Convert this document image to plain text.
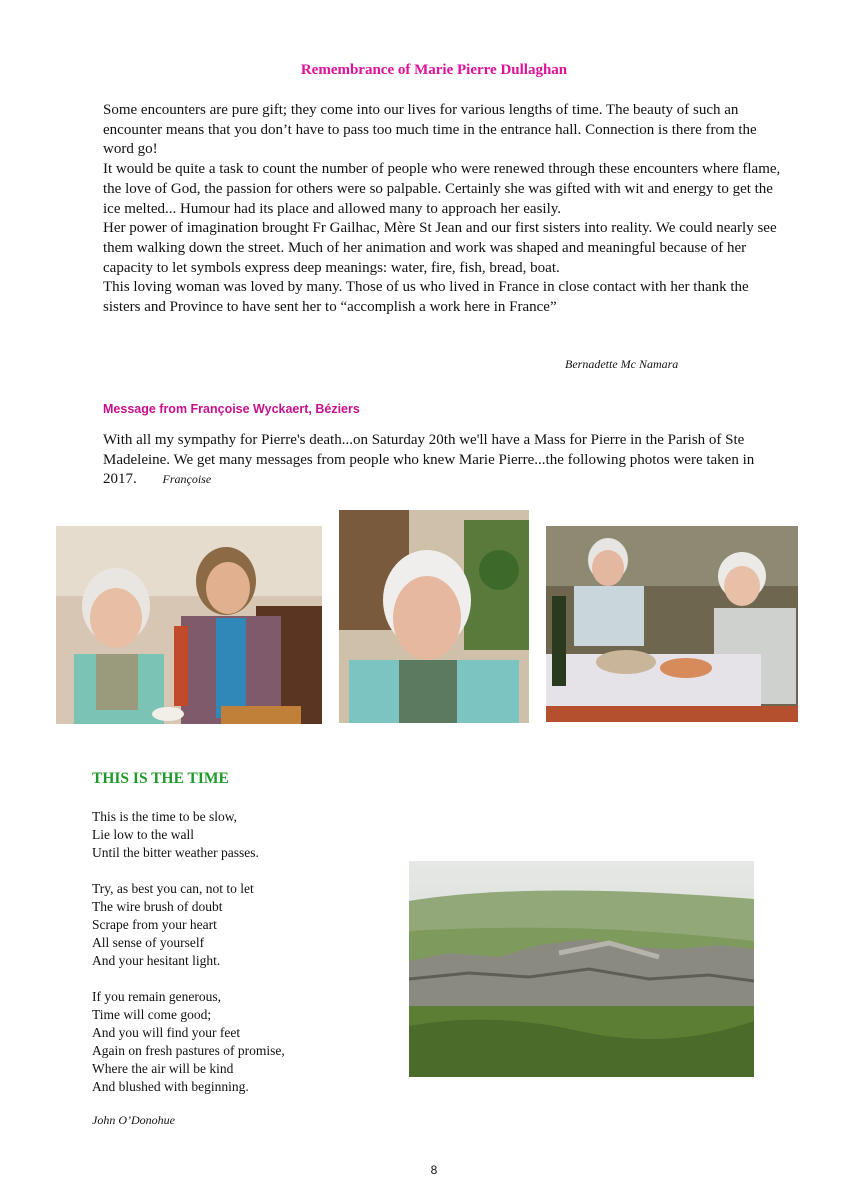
Remembrance of Marie Pierre Dullaghan
Some encounters are pure gift; they come into our lives for various lengths of time. The beauty of such an encounter means that you don’t have to pass too much time in the entrance hall. Connection is there from the word go!
It would be quite a task to count the number of people who were renewed through these encounters where flame, the love of God, the passion for others were so palpable. Certainly she was gifted with wit and energy to get the ice melted... Humour had its place and allowed many to approach her easily.
Her power of imagination brought Fr Gailhac, Mère St Jean and our first sisters into reality. We could nearly see them walking down the street. Much of her animation and work was shaped and meaningful because of her capacity to let symbols express deep meanings: water, fire, fish, bread, boat.
This loving woman was loved by many. Those of us who lived in France in close contact with her thank the sisters and Province to have sent her to “accomplish a work here in France”
Bernadette Mc Namara
Message from Françoise Wyckaert, Béziers
With all my sympathy for Pierre's death...on Saturday 20th we'll have a Mass for Pierre in the Parish of Ste Madeleine. We get many messages from people who knew Marie Pierre...the following photos were taken in 2017. Françoise
THIS IS THE TIME
This is the time to be slow,
Lie low to the wall
Until the bitter weather passes.
Try, as best you can, not to let
The wire brush of doubt
Scrape from your heart
All sense of yourself
And your hesitant light.
If you remain generous,
Time will come good;
And you will find your feet
Again on fresh pastures of promise,
Where the air will be kind
And blushed with beginning.
John O’Donohue
8
